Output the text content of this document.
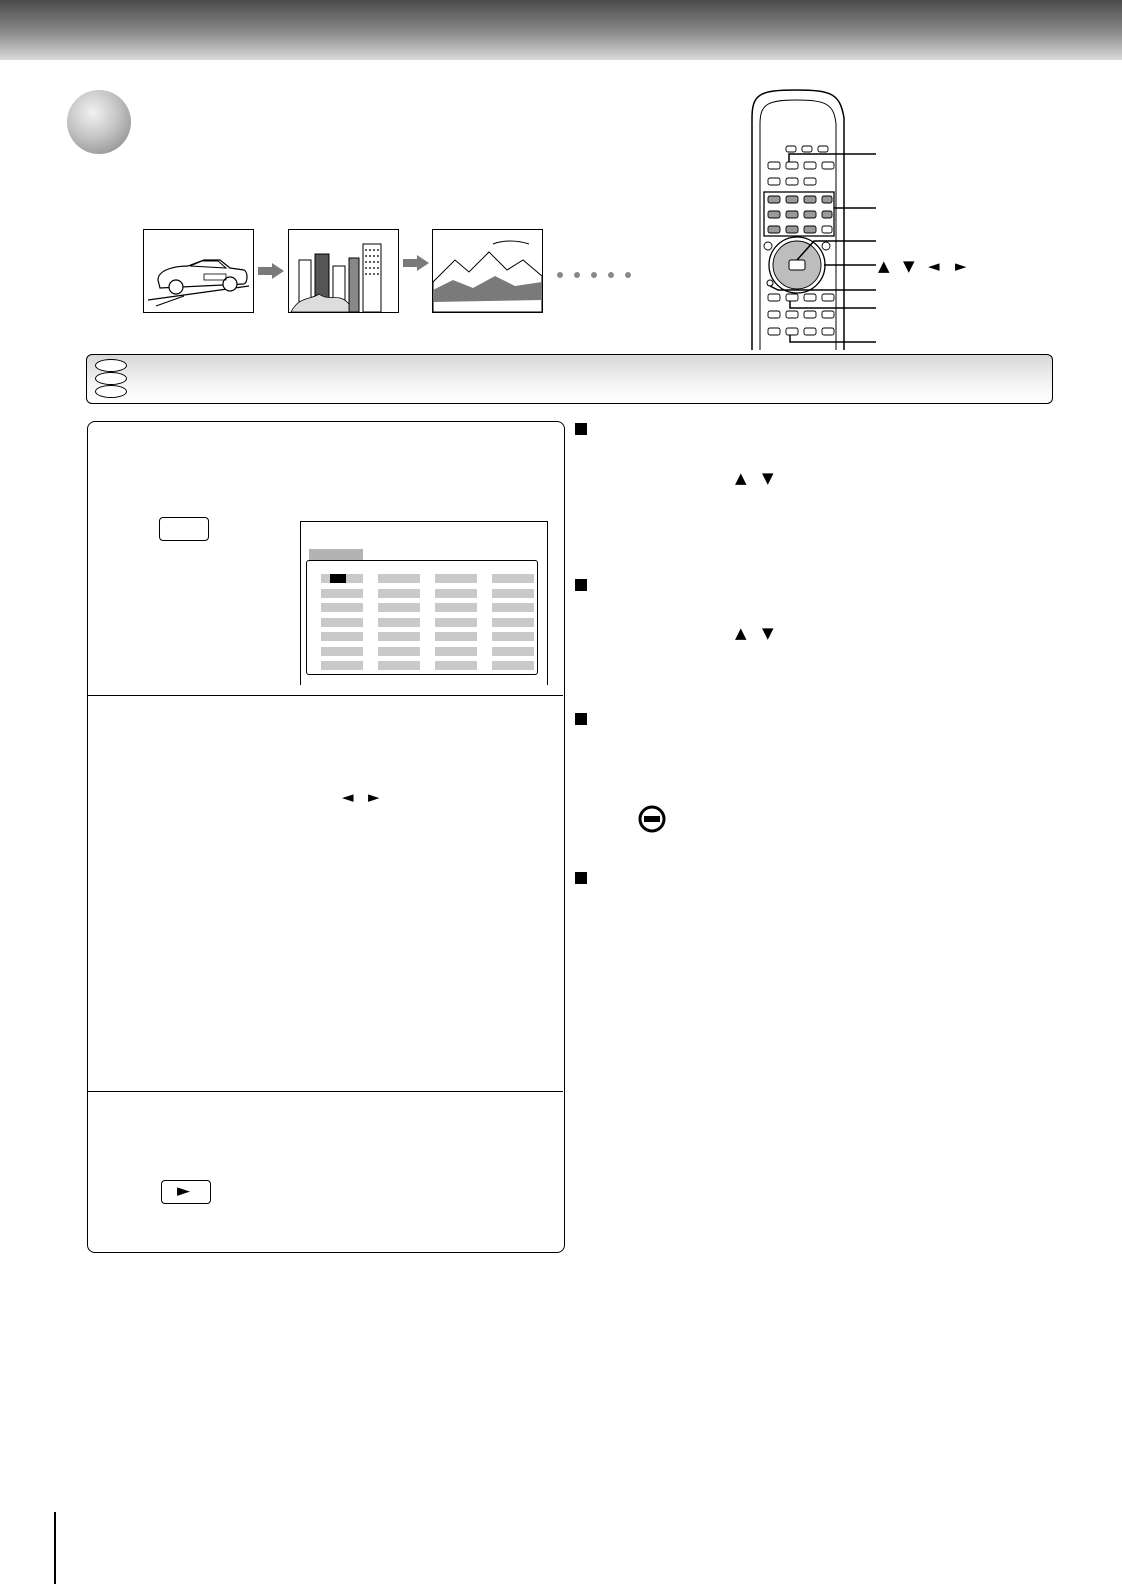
▲ ▼ ◄ ►
◄ ►
►
▲ ▼
▲ ▼
